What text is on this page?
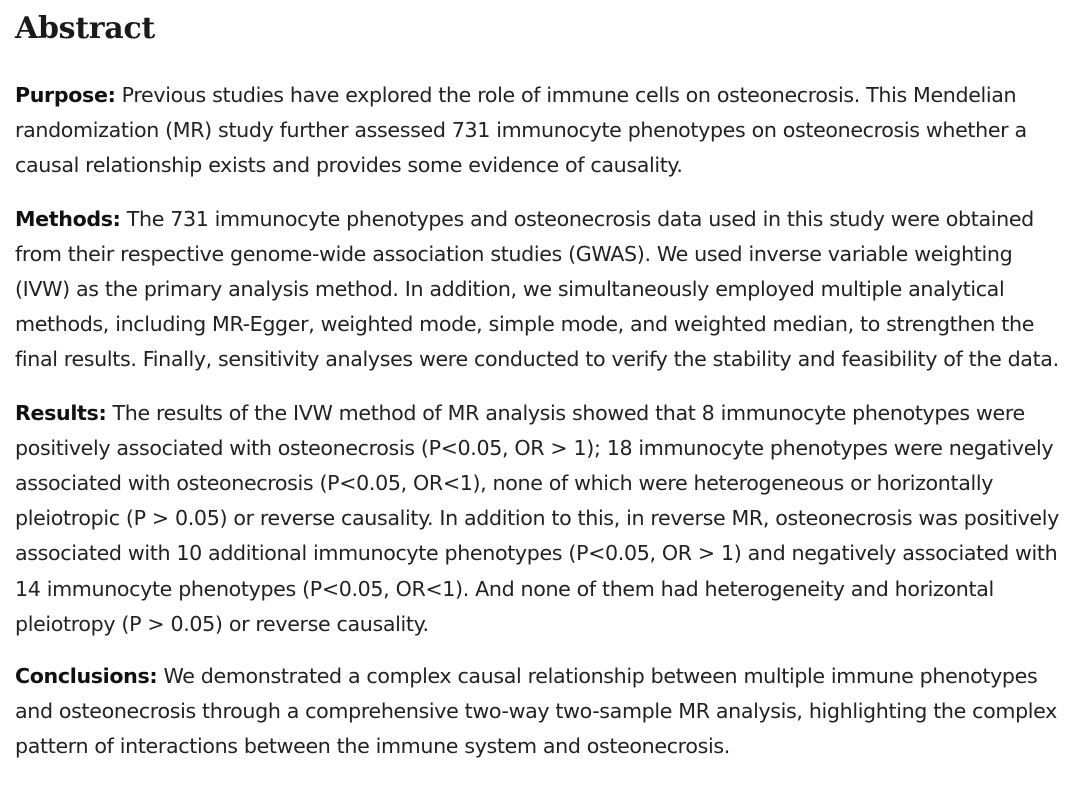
Abstract

Purpose: Previous studies have explored the role of immune cells on osteonecrosis. This Mendelian randomization (MR) study further assessed 731 immunocyte phenotypes on osteonecrosis whether a causal relationship exists and provides some evidence of causality.

Methods: The 731 immunocyte phenotypes and osteonecrosis data used in this study were obtained from their respective genome-wide association studies (GWAS). We used inverse variable weighting (IVW) as the primary analysis method. In addition, we simultaneously employed multiple analytical methods, including MR-Egger, weighted mode, simple mode, and weighted median, to strengthen the final results. Finally, sensitivity analyses were conducted to verify the stability and feasibility of the data.

Results: The results of the IVW method of MR analysis showed that 8 immunocyte phenotypes were positively associated with osteonecrosis (P<0.05, OR > 1); 18 immunocyte phenotypes were negatively associated with osteonecrosis (P<0.05, OR<1), none of which were heterogeneous or horizontally pleiotropic (P > 0.05) or reverse causality. In addition to this, in reverse MR, osteonecrosis was positively associated with 10 additional immunocyte phenotypes (P<0.05, OR > 1) and negatively associated with 14 immunocyte phenotypes (P<0.05, OR<1). And none of them had heterogeneity and horizontal pleiotropy (P > 0.05) or reverse causality.

Conclusions: We demonstrated a complex causal relationship between multiple immune phenotypes and osteonecrosis through a comprehensive two-way two-sample MR analysis, highlighting the complex pattern of interactions between the immune system and osteonecrosis.
